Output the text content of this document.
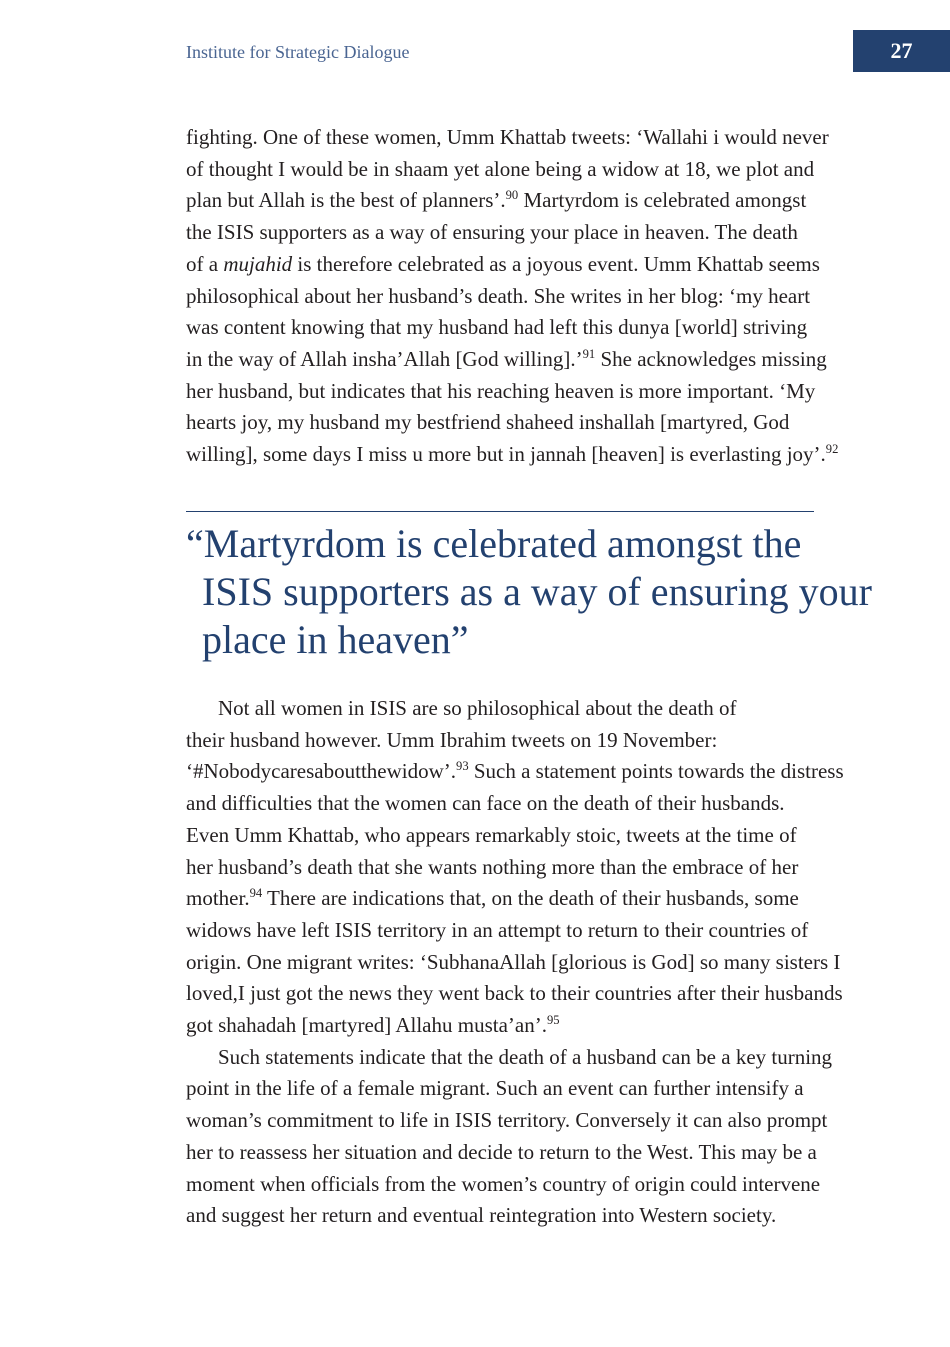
Institute for Strategic Dialogue	27
fighting. One of these women, Umm Khattab tweets: ‘Wallahi i would never
of thought I would be in shaam yet alone being a widow at 18, we plot and
plan but Allah is the best of planners’.$^{90}$ Martyrdom is celebrated amongst
the ISIS supporters as a way of ensuring your place in heaven. The death
of a mujahid is therefore celebrated as a joyous event. Umm Khattab seems
philosophical about her husband’s death. She writes in her blog: ‘my heart
was content knowing that my husband had left this dunya [world] striving
in the way of Allah insha’Allah [God willing].’$^{91}$ She acknowledges missing
her husband, but indicates that his reaching heaven is more important. ‘My
hearts joy, my husband my bestfriend shaheed inshallah [martyred, God
willing], some days I miss u more but in jannah [heaven] is everlasting joy’.$^{92}$
“Martyrdom is celebrated amongst the
ISIS supporters as a way of ensuring your
place in heaven”
Not all women in ISIS are so philosophical about the death of
their husband however. Umm Ibrahim tweets on 19 November:
‘#Nobodycaresaboutthewidow’.$^{93}$ Such a statement points towards the distress
and difficulties that the women can face on the death of their husbands.
Even Umm Khattab, who appears remarkably stoic, tweets at the time of
her husband’s death that she wants nothing more than the embrace of her
mother.$^{94}$ There are indications that, on the death of their husbands, some
widows have left ISIS territory in an attempt to return to their countries of
origin. One migrant writes: ‘SubhanaAllah [glorious is God] so many sisters I
loved,I just got the news they went back to their countries after their husbands
got shahadah [martyred] Allahu musta’an’.$^{95}$
Such statements indicate that the death of a husband can be a key turning
point in the life of a female migrant. Such an event can further intensify a
woman’s commitment to life in ISIS territory. Conversely it can also prompt
her to reassess her situation and decide to return to the West. This may be a
moment when officials from the women’s country of origin could intervene
and suggest her return and eventual reintegration into Western society.
